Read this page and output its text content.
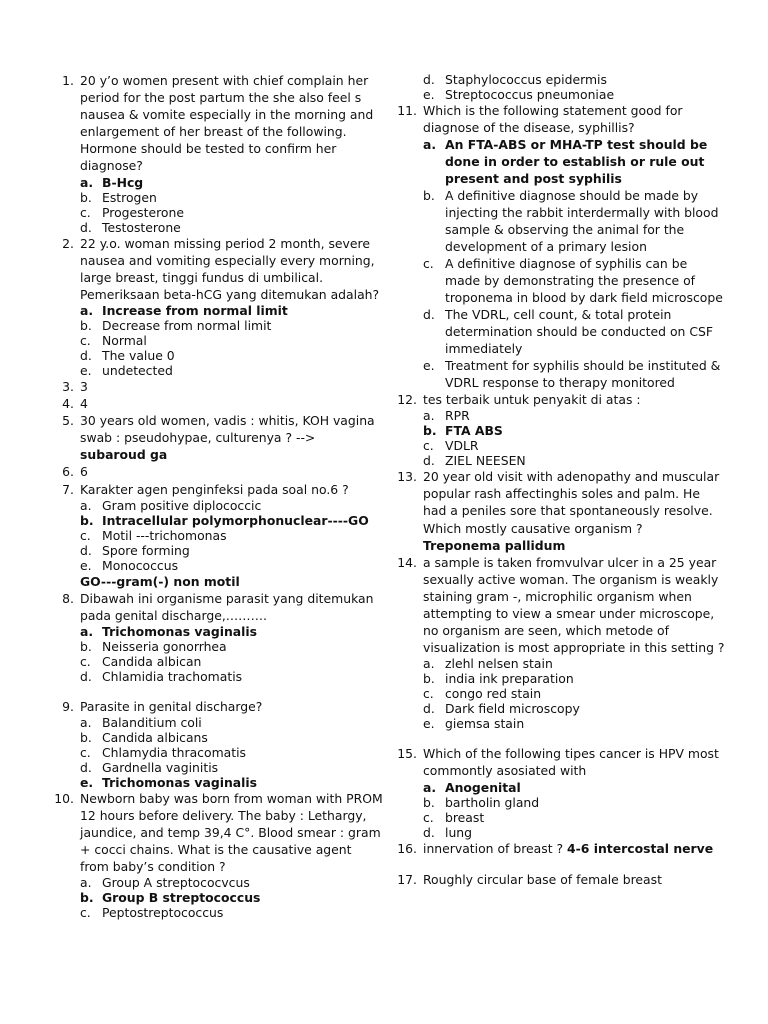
1. 20 y’o women present with chief complain her period for the post partum the she also feel s nausea & vomite especially in the morning and enlargement of her breast of the following. Hormone should be tested to confirm her diagnose?
a. B-Hcg
b. Estrogen
c. Progesterone
d. Testosterone
2. 22 y.o. woman missing period 2 month, severe nausea and vomiting especially every morning, large breast, tinggi fundus di umbilical. Pemeriksaan beta-hCG yang ditemukan adalah?
a. Increase from normal limit
b. Decrease from normal limit
c. Normal
d. The value 0
e. undetected
3. 3
4. 4
5. 30 years old women, vadis : whitis, KOH vagina swab : pseudohypae, culturenya ? -->
subaroud ga
6. 6
7. Karakter agen penginfeksi pada soal no.6 ?
a. Gram positive diplococcic
b. Intracellular polymorphonuclear----GO
c. Motil ---trichomonas
d. Spore forming
e. Monococcus
GO---gram(-) non motil
8. Dibawah ini organisme parasit yang ditemukan pada genital discharge,……….
a. Trichomonas vaginalis
b. Neisseria gonorrhea
c. Candida albican
d. Chlamidia trachomatis
9. Parasite in genital discharge?
a. Balanditium coli
b. Candida albicans
c. Chlamydia thracomatis
d. Gardnella vaginitis
e. Trichomonas vaginalis
10. Newborn baby was born from woman with PROM 12 hours before delivery. The baby : Lethargy, jaundice, and temp 39,4 C°. Blood smear : gram + cocci chains. What is the causative agent from baby’s condition ?
a. Group A streptococvcus
b. Group B streptococcus
c. Peptostreptococcus
d. Staphylococcus epidermis
e. Streptococcus pneumoniae
11. Which is the following statement good for diagnose of the disease, syphillis?
a. An FTA-ABS or MHA-TP test should be done in order to establish or rule out present and post syphilis
b. A definitive diagnose should be made by injecting the rabbit interdermally with blood sample & observing the animal for the development of a primary lesion
c. A definitive diagnose of syphilis can be made by demonstrating the presence of troponema in blood by dark field microscope
d. The VDRL, cell count, & total protein determination should be conducted on CSF immediately
e. Treatment for syphilis should be instituted & VDRL response to therapy monitored
12. tes terbaik untuk penyakit di atas :
a. RPR
b. FTA ABS
c. VDLR
d. ZIEL NEESEN
13. 20 year old visit with adenopathy and muscular popular rash affectinghis soles and palm. He had a peniles sore that spontaneously resolve. Which mostly causative organism ?
Treponema pallidum
14. a sample is taken fromvulvar ulcer in a 25 year sexually active woman. The organism is weakly staining gram -, microphilic organism when attempting to view a smear under microscope, no organism are seen, which metode of visualization is most appropriate in this setting ?
a. zlehl nelsen stain
b. india ink preparation
c. congo red stain
d. Dark field microscopy
e. giemsa stain
15. Which of the following tipes cancer is HPV most commontly asosiated with
a. Anogenital
b. bartholin gland
c. breast
d. lung
16. innervation of breast ? 4-6 intercostal nerve
17. Roughly circular base of female breast
